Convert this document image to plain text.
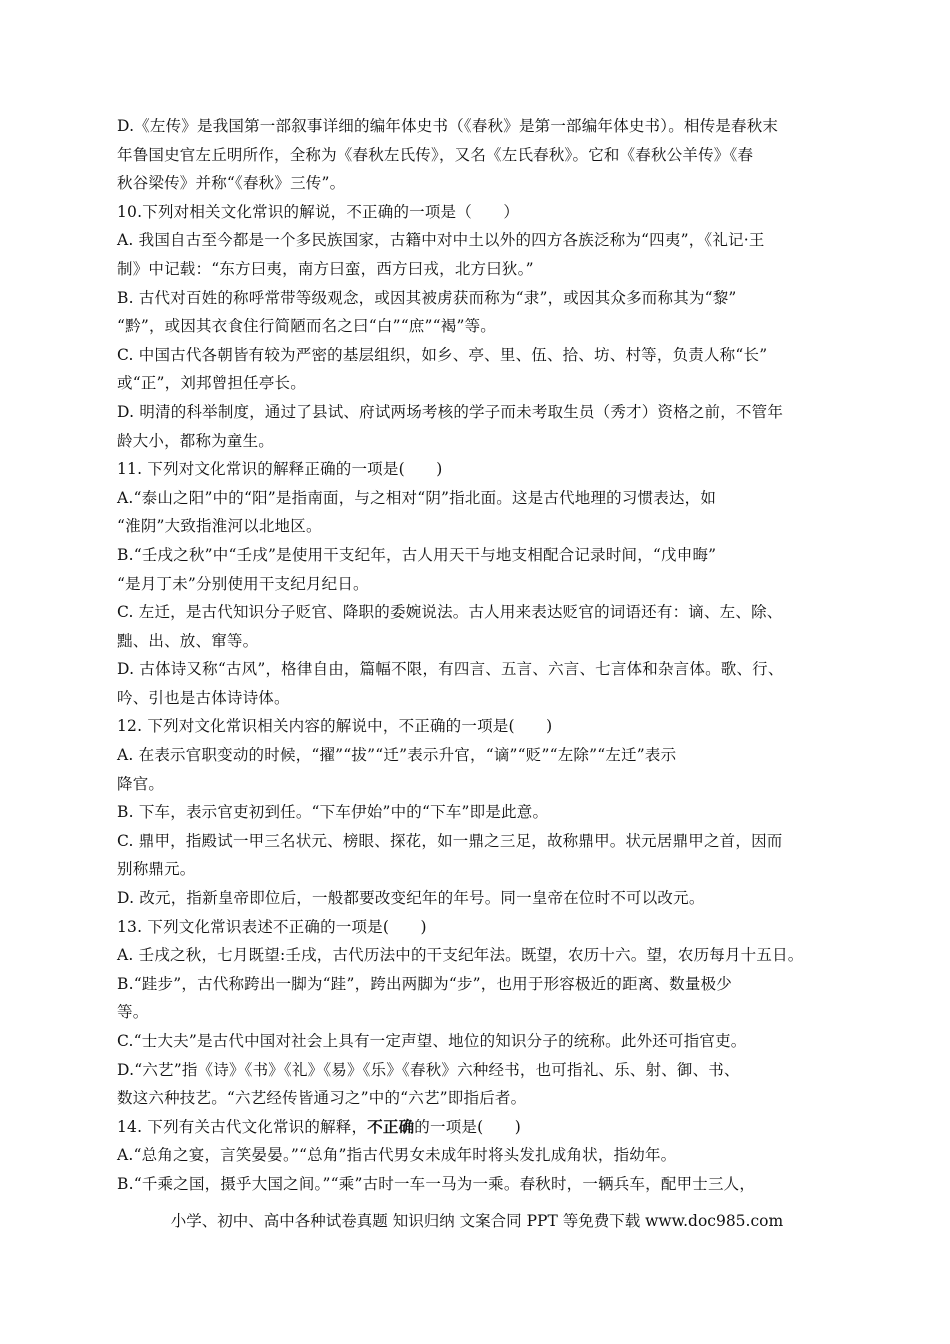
D.《左传》是我国第一部叙事详细的编年体史书（《春秋》是第一部编年体史书）。相传是春秋末
年鲁国史官左丘明所作，全称为《春秋左氏传》，又名《左氏春秋》。它和《春秋公羊传》《春
秋谷梁传》并称“《春秋》三传”。
10.下列对相关文化常识的解说，不正确的一项是（　　）
A. 我国自古至今都是一个多民族国家，古籍中对中土以外的四方各族泛称为“四夷”，《礼记·王
制》中记载：“东方曰夷，南方曰蛮，西方曰戎，北方曰狄。”
B. 古代对百姓的称呼常带等级观念，或因其被虏获而称为“隶”，或因其众多而称其为“黎”
“黔”，或因其衣食住行简陋而名之曰“白”“庶”“褐”等。
C. 中国古代各朝皆有较为严密的基层组织，如乡、亭、里、伍、拾、坊、村等，负责人称“长”
或“正”，刘邦曾担任亭长。
D. 明清的科举制度，通过了县试、府试两场考核的学子而未考取生员（秀才）资格之前，不管年
龄大小，都称为童生。
11. 下列对文化常识的解释正确的一项是(　　)
A.“泰山之阳”中的“阳”是指南面，与之相对“阴”指北面。这是古代地理的习惯表达，如
“淮阴”大致指淮河以北地区。
B.“壬戌之秋”中“壬戌”是使用干支纪年，古人用天干与地支相配合记录时间，“戊申晦”
“是月丁未”分别使用干支纪月纪日。
C. 左迁，是古代知识分子贬官、降职的委婉说法。古人用来表达贬官的词语还有：谪、左、除、
黜、出、放、窜等。
D. 古体诗又称“古风”，格律自由，篇幅不限，有四言、五言、六言、七言体和杂言体。歌、行、
吟、引也是古体诗诗体。
12. 下列对文化常识相关内容的解说中，不正确的一项是(　　)
A. 在表示官职变动的时候，“擢”“拔”“迁”表示升官，“谪”“贬”“左除”“左迁”表示
降官。
B. 下车，表示官吏初到任。“下车伊始”中的“下车”即是此意。
C. 鼎甲，指殿试一甲三名状元、榜眼、探花，如一鼎之三足，故称鼎甲。状元居鼎甲之首，因而
别称鼎元。
D. 改元，指新皇帝即位后，一般都要改变纪年的年号。同一皇帝在位时不可以改元。
13. 下列文化常识表述不正确的一项是(　　)
A. 壬戌之秋，七月既望:壬戌，古代历法中的干支纪年法。既望，农历十六。望，农历每月十五日。
B.“跬步”，古代称跨出一脚为“跬”，跨出两脚为“步”，也用于形容极近的距离、数量极少
等。
C.“士大夫”是古代中国对社会上具有一定声望、地位的知识分子的统称。此外还可指官吏。
D.“六艺”指《诗》《书》《礼》《易》《乐》《春秋》六种经书，也可指礼、乐、射、御、书、
数这六种技艺。“六艺经传皆通习之”中的“六艺”即指后者。
14. 下列有关古代文化常识的解释，不正确的一项是(　　)
A.“总角之宴，言笑晏晏。”“总角”指古代男女未成年时将头发扎成角状，指幼年。
B.“千乘之国，摄乎大国之间。”“乘”古时一车一马为一乘。春秋时，一辆兵车，配甲士三人，
小学、初中、高中各种试卷真题 知识归纳 文案合同 PPT 等免费下载 www.doc985.com
